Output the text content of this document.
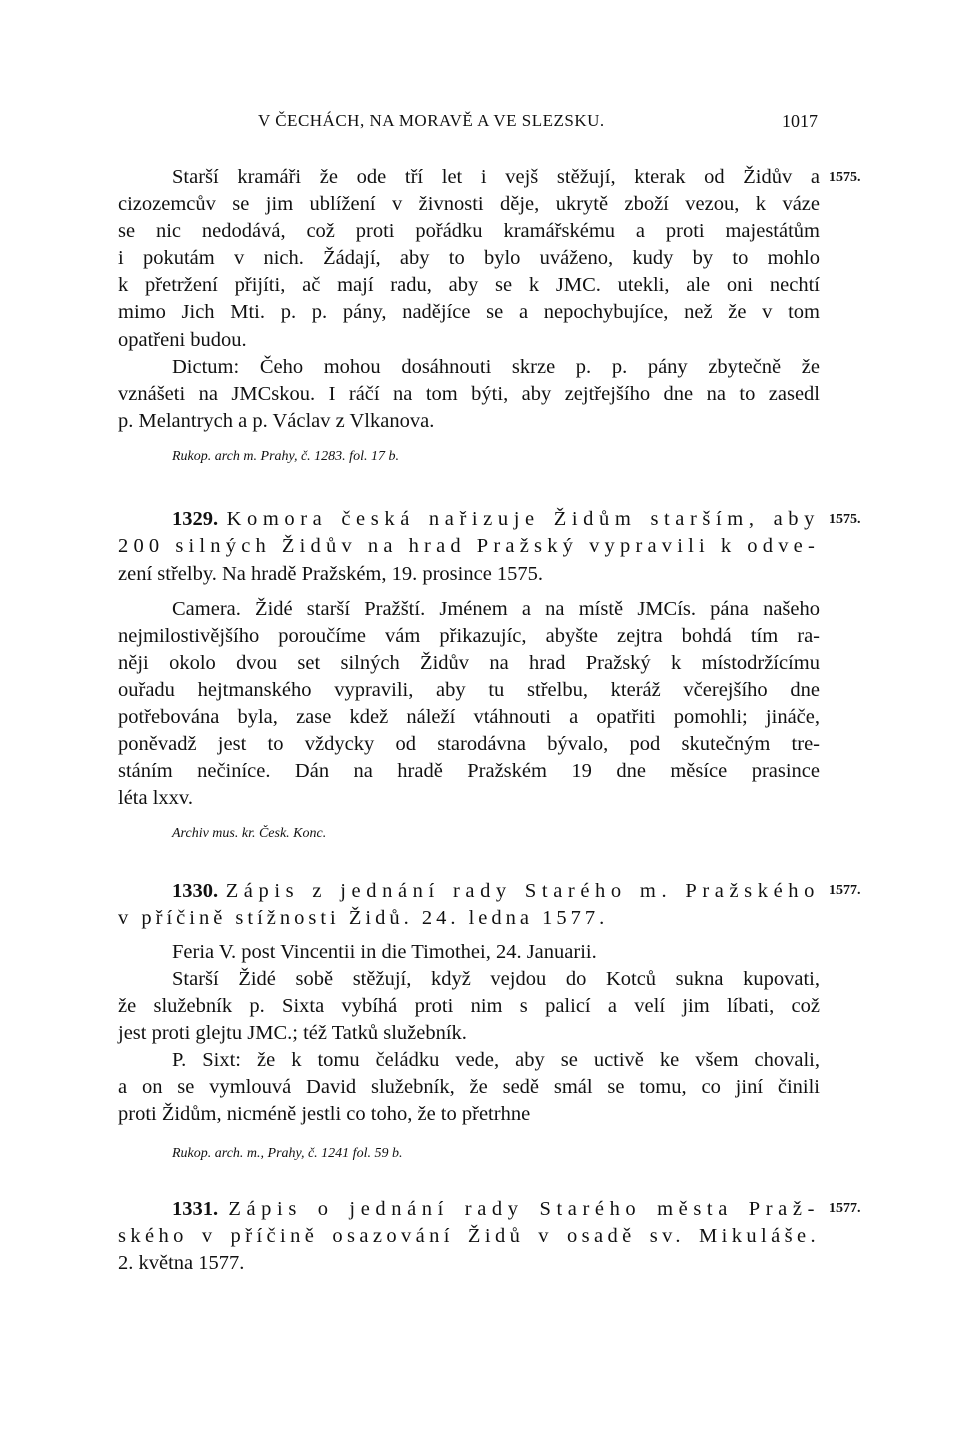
V ČECHÁCH, NA MORAVĚ A VE SLEZSKU.	1017
1575.
Starší kramáři že ode tří let i vejš stěžují, kterak od Židův a
cizozemcův se jim ublížení v živnosti děje, ukrytě zboží vezou, k váze
se nic nedodává, což proti pořádku kramářskému a proti majestátům
i pokutám v nich. Žádají, aby to bylo uváženo, kudy by to mohlo
k přetržení přijíti, ač mají radu, aby se k JMC. utekli, ale oni nechtí
mimo Jich Mti. p. p. pány, nadějíce se a nepochybujíce, než že v tom
opatřeni budou.
Dictum: Čeho mohou dosáhnouti skrze p. p. pány zbytečně že
vznášeti na JMCskou. I ráčí na tom býti, aby zejtřejšího dne na to zasedl
p. Melantrych a p. Václav z Vlkanova.
Rukop. arch m. Prahy, č. 1283. fol. 17 b.
1575.
1329. Komora česká nařizuje Židům starším, aby
200 silných Židův na hrad Pražský vypravili k odve-
zení střelby. Na hradě Pražském, 19. prosince 1575.
Camera. Židé starší Pražští. Jménem a na místě JMCís. pána našeho
nejmilostivějšího poroučíme vám přikazujíc, abyšte zejtra bohdá tím ra-
něji okolo dvou set silných Židův na hrad Pražský k místodržícímu
ouřadu hejtmanského vypravili, aby tu střelbu, kteráž včerejšího dne
potřebována byla, zase kdež náleží vtáhnouti a opatřiti pomohli; jináče,
poněvadž jest to vždycky od starodávna bývalo, pod skutečným tre-
stáním nečiníce. Dán na hradě Pražském 19 dne měsíce prasince
léta lxxv.
Archiv mus. kr. Česk. Konc.
1577.
1330. Zápis z jednání rady Starého m. Pražského
v příčině stížnosti Židů. 24. ledna 1577.
Feria V. post Vincentii in die Timothei, 24. Januarii.
Starší Židé sobě stěžují, když vejdou do Kotců sukna kupovati,
že služebník p. Sixta vybíhá proti nim s palicí a velí jim líbati, což
jest proti glejtu JMC.; též Tatků služebník.
P. Sixt: že k tomu čeládku vede, aby se uctivě ke všem chovali,
a on se vymlouvá David služebník, že sedě smál se tomu, co jiní činili
proti Židům, nicméně jestli co toho, že to přetrhne
Rukop. arch. m., Prahy, č. 1241 fol. 59 b.
1577.
1331. Zápis o jednání rady Starého města Praž-
ského v příčině osazování Židů v osadě sv. Mikuláše.
2. května 1577.
